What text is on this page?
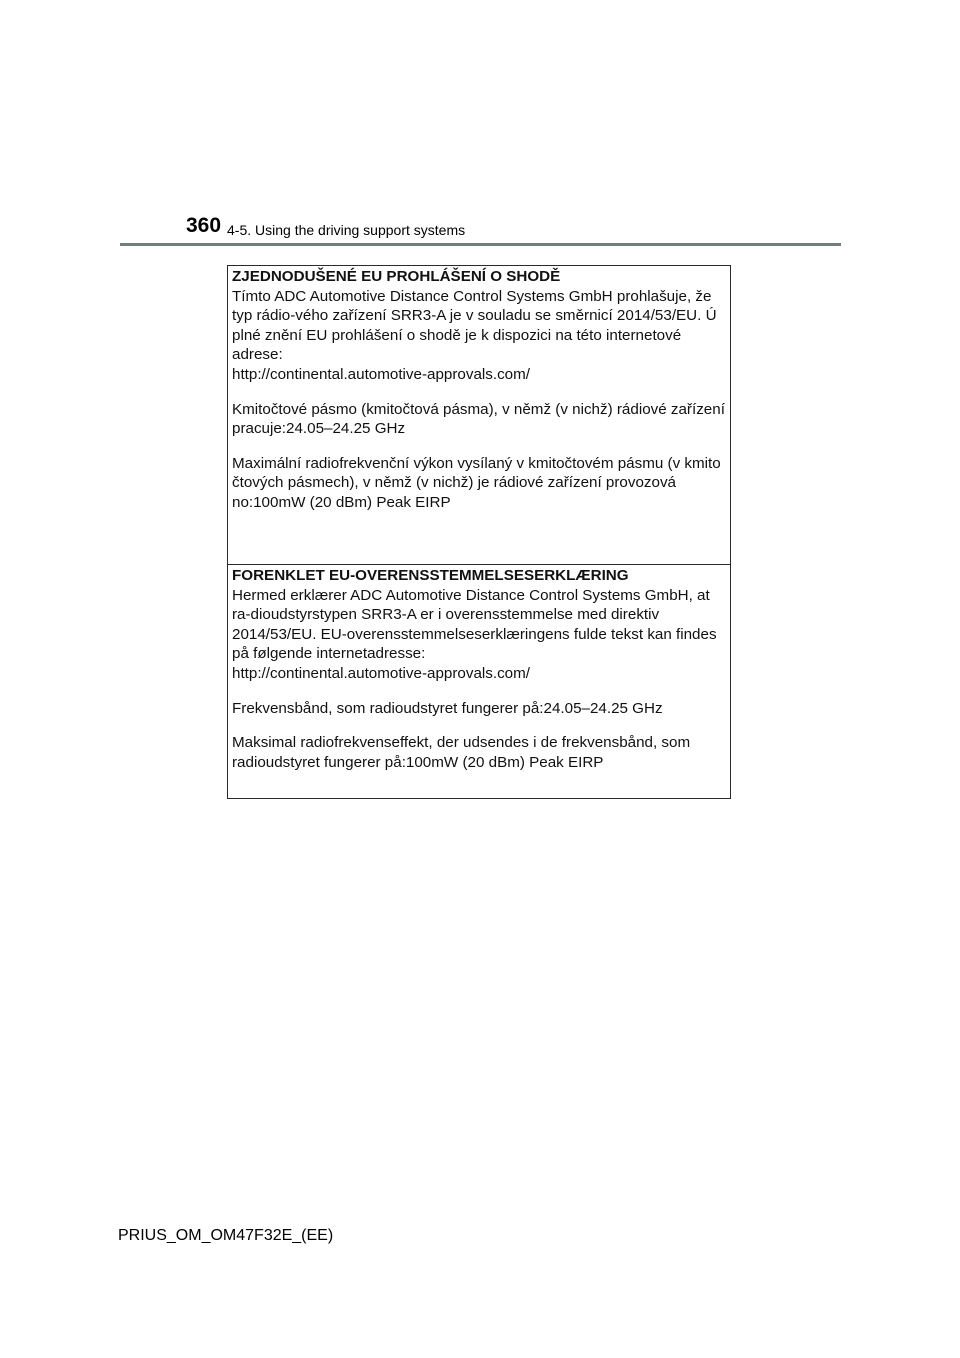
360 4-5. Using the driving support systems
ZJEDNODUŠENÉ EU PROHLÁŠENÍ O SHODĚ

Tímto ADC Automotive Distance Control Systems GmbH prohlašuje, že
typ rádio-vého zařízení SRR3-A je v souladu se směrnicí 2014/53/EU. Ú
plné znění EU prohlášení o shodě je k dispozici na této internetové
adrese:
http://continental.automotive-approvals.com/

Kmitočtové pásmo (kmitočtová pásma), v němž (v nichž) rádiové zařízení
pracuje:24.05–24.25 GHz

Maximální radiofrekvenční výkon vysílaný v kmitočtovém pásmu (v kmito
čtových pásmech), v němž (v nichž) je rádiové zařízení provozová
no:100mW (20 dBm) Peak EIRP

FORENKLET EU-OVERENSSTEMMELSESERKLÆRING

Hermed erklærer ADC Automotive Distance Control Systems GmbH, at
ra-dioudstyrstypen SRR3-A er i overensstemmelse med direktiv
2014/53/EU. EU-overensstemmelseserklæringens fulde tekst kan findes
på følgende internetadresse:
http://continental.automotive-approvals.com/

Frekvensbånd, som radioudstyret fungerer på:24.05–24.25 GHz

Maksimal radiofrekvenseffekt, der udsendes i de frekvensbånd, som
radioudstyret fungerer på:100mW (20 dBm) Peak EIRP

PRIUS_OM_OM47F32E_(EE)
